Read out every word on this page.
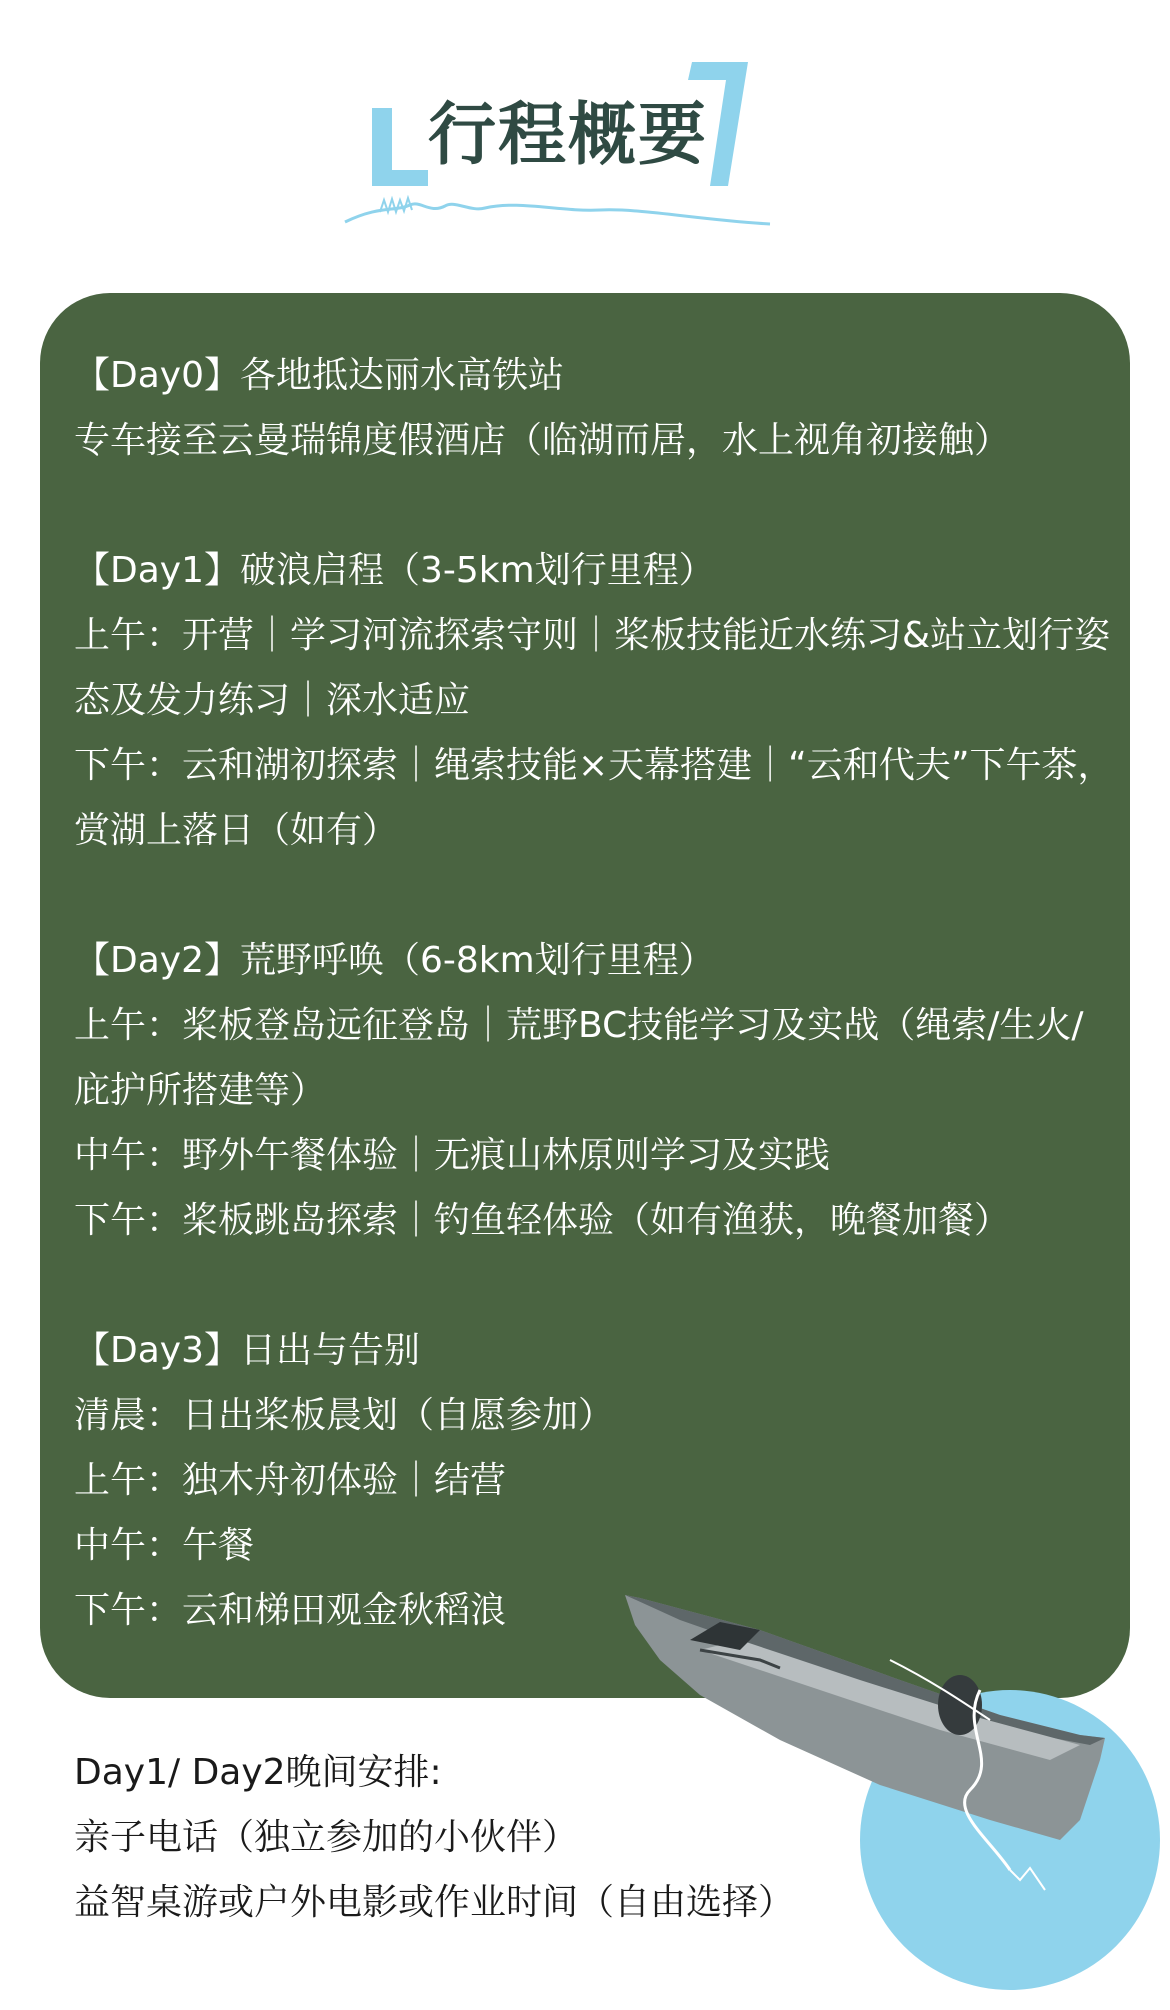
行程概要
【Day0】各地抵达丽水高铁站
专车接至云曼瑞锦度假酒店（临湖而居，水上视角初接触）
【Day1】破浪启程（3-5km划行里程）
上午：开营｜学习河流探索守则｜桨板技能近水练习&站立划行姿态及发力练习｜深水适应
下午：云和湖初探索｜绳索技能×天幕搭建｜“云和代夫”下午茶，赏湖上落日（如有）
【Day2】荒野呼唤（6-8km划行里程）
上午：桨板登岛远征登岛｜荒野BC技能学习及实战（绳索/生火/庇护所搭建等）
中午：野外午餐体验｜无痕山林原则学习及实践
下午：桨板跳岛探索｜钓鱼轻体验（如有渔获，晚餐加餐）
【Day3】日出与告别
清晨：日出桨板晨划（自愿参加）
上午：独木舟初体验｜结营
中午：午餐
下午：云和梯田观金秋稻浪
Day1/ Day2晚间安排:
亲子电话（独立参加的小伙伴）
益智桌游或户外电影或作业时间（自由选择）
